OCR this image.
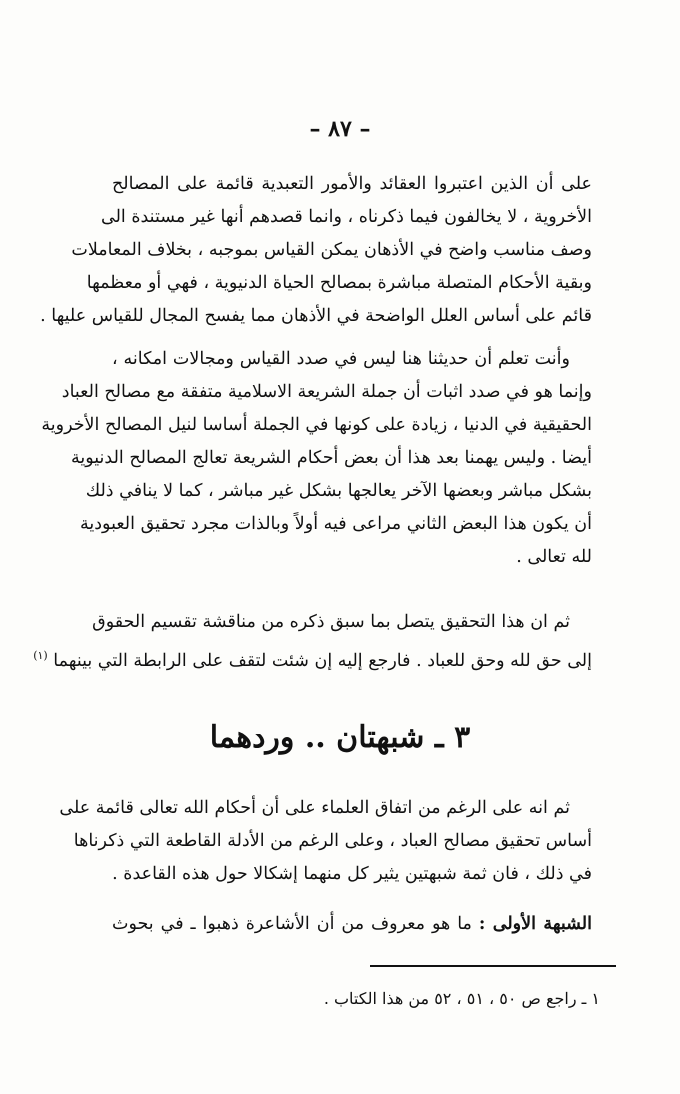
– ٨٧ –
على أن الذين اعتبروا العقائد والأمور التعبدية قائمة على المصالح
الأخروية ، لا يخالفون فيما ذكرناه ، وانما قصدهم أنها غير مستندة الى
وصف مناسب واضح في الأذهان يمكن القياس بموجبه ، بخلاف المعاملات
وبقية الأحكام المتصلة مباشرة بمصالح الحياة الدنيوية ، فهي أو معظمها
قائم على أساس العلل الواضحة في الأذهان مما يفسح المجال للقياس عليها .
وأنت تعلم أن حديثنا هنا ليس في صدد القياس ومجالات امكانه ،
وإنما هو في صدد اثبات أن جملة الشريعة الاسلامية متفقة مع مصالح العباد
الحقيقية في الدنيا ، زيادة على كونها في الجملة أساسا لنيل المصالح الأخروية
أيضا . وليس يهمنا بعد هذا أن بعض أحكام الشريعة تعالج المصالح الدنيوية
بشكل مباشر وبعضها الآخر يعالجها بشكل غير مباشر ، كما لا ينافي ذلك
أن يكون هذا البعض الثاني مراعى فيه أولاً وبالذات مجرد تحقيق العبودية
لله تعالى .
ثم ان هذا التحقيق يتصل بما سبق ذكره من مناقشة تقسيم الحقوق
إلى حق لله وحق للعباد . فارجع إليه إن شئت لتقف على الرابطة التي بينهما $^{(١)}$
٣ ـ شبهتان .. وردهما
ثم انه على الرغم من اتفاق العلماء على أن أحكام الله تعالى قائمة على
أساس تحقيق مصالح العباد ، وعلى الرغم من الأدلة القاطعة التي ذكرناها
في ذلك ، فان ثمة شبهتين يثير كل منهما إشكالا حول هذه القاعدة .
الشبهة الأولى : ما هو معروف من أن الأشاعرة ذهبوا ـ في بحوث
١ ـ راجع ص ٥٠ ، ٥١ ، ٥٢ من هذا الكتاب .
